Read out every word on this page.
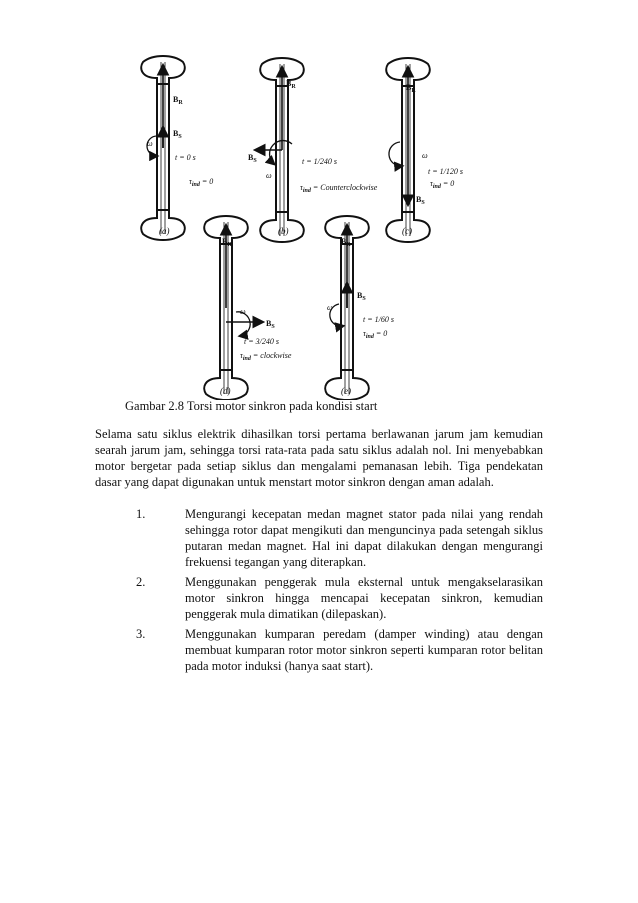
$B_R$
$B_S$
ω
t = 0 s
$\tau_{ind} = 0$
(a)
$B_R$
$B_S$
ω
t = 1/240 s
$\tau_{ind}$ = Counterclockwise
(b)
$B_R$
$B_S$
ω
t = 1/120 s
$\tau_{ind} = 0$
(c)
$B_R$
$B_S$
ω
t = 3/240 s
$\tau_{ind}$ = clockwise
(d)
$B_R$
$B_S$
ω
t = 1/60 s
$\tau_{ind} = 0$
(e)
Gambar 2.8 Torsi motor sinkron pada kondisi start

Selama satu siklus elektrik dihasilkan torsi pertama berlawanan jarum jam kemudian searah jarum jam, sehingga torsi rata-rata pada satu siklus adalah nol. Ini menyebabkan motor bergetar pada setiap siklus dan mengalami pemanasan lebih. Tiga pendekatan dasar yang dapat digunakan untuk menstart motor sinkron dengan aman adalah.

1.	Mengurangi kecepatan medan magnet stator pada nilai yang rendah sehingga rotor dapat mengikuti dan menguncinya pada setengah siklus putaran medan magnet. Hal ini dapat dilakukan dengan mengurangi frekuensi tegangan yang diterapkan.
2.	Menggunakan penggerak mula eksternal untuk mengakselarasikan motor sinkron hingga mencapai kecepatan sinkron, kemudian penggerak mula dimatikan (dilepaskan).
3.	Menggunakan kumparan peredam (damper winding) atau dengan membuat kumparan rotor motor sinkron seperti kumparan rotor belitan pada motor induksi (hanya saat start).
